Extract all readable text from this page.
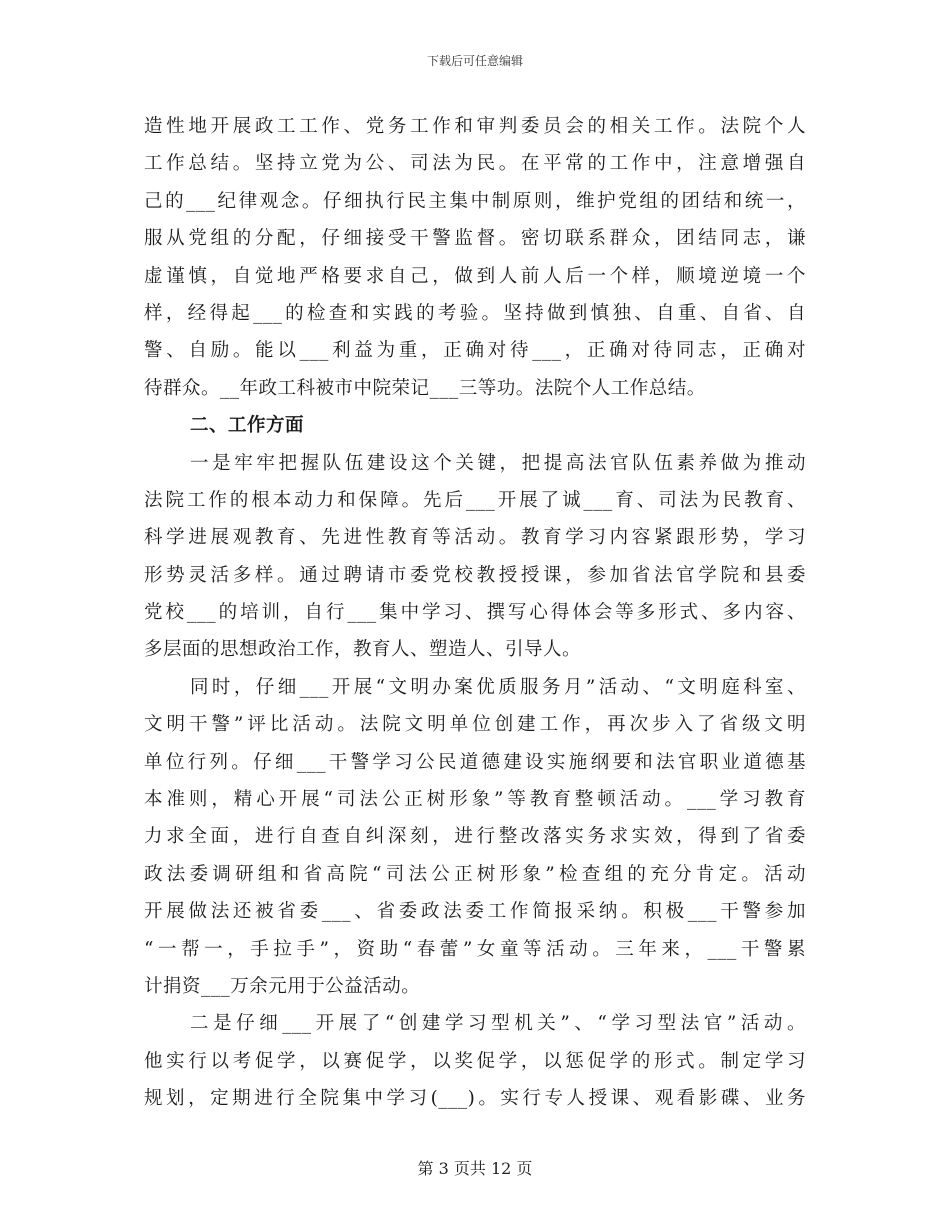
下载后可任意编辑
造性地开展政工工作、党务工作和审判委员会的相关工作。法院个人
工作总结。坚持立党为公、司法为民。在平常的工作中，注意增强自
己的___纪律观念。仔细执行民主集中制原则，维护党组的团结和统一，
服从党组的分配，仔细接受干警监督。密切联系群众，团结同志，谦
虚谨慎，自觉地严格要求自己，做到人前人后一个样，顺境逆境一个
样，经得起___的检查和实践的考验。坚持做到慎独、自重、自省、自
警、自励。能以___利益为重，正确对待___，正确对待同志，正确对
待群众。__年政工科被市中院荣记___三等功。法院个人工作总结。
二、工作方面
一是牢牢把握队伍建设这个关键，把提高法官队伍素养做为推动
法院工作的根本动力和保障。先后___开展了诚___育、司法为民教育、
科学进展观教育、先进性教育等活动。教育学习内容紧跟形势，学习
形势灵活多样。通过聘请市委党校教授授课，参加省法官学院和县委
党校___的培训，自行___集中学习、撰写心得体会等多形式、多内容、
多层面的思想政治工作，教育人、塑造人、引导人。
同时，仔细___开展“文明办案优质服务月”活动、“文明庭科室、
文明干警”评比活动。法院文明单位创建工作，再次步入了省级文明
单位行列。仔细___干警学习公民道德建设实施纲要和法官职业道德基
本准则，精心开展“司法公正树形象”等教育整顿活动。___学习教育
力求全面，进行自查自纠深刻，进行整改落实务求实效，得到了省委
政法委调研组和省高院“司法公正树形象”检查组的充分肯定。活动
开展做法还被省委___、省委政法委工作简报采纳。积极___干警参加
“一帮一，手拉手”，资助“春蕾”女童等活动。三年来，___干警累
计捐资___万余元用于公益活动。
二是仔细___开展了“创建学习型机关”、“学习型法官”活动。
他实行以考促学，以赛促学，以奖促学，以惩促学的形式。制定学习
规划，定期进行全院集中学习(___)。实行专人授课、观看影碟、业务
第 3 页共 12 页
